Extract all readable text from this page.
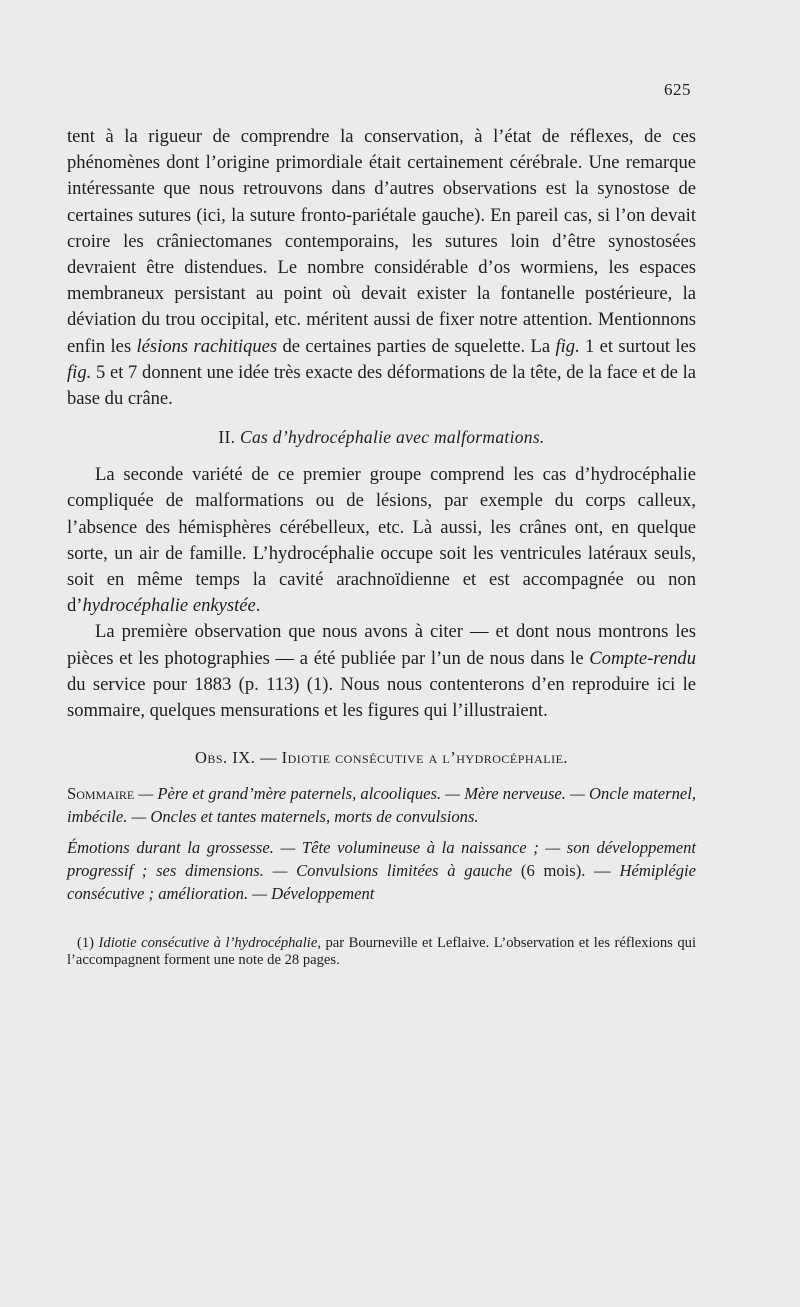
625

tent à la rigueur de comprendre la conservation, à l’état de réflexes, de ces phénomènes dont l’origine primordiale était certainement cérébrale. Une remarque intéressante que nous retrouvons dans d’autres observations est la synostose de certaines sutures (ici, la suture fronto-pariétale gauche). En pareil cas, si l’on devait croire les crâniectomanes contemporains, les sutures loin d’être synostosées devraient être distendues. Le nombre considérable d’os wormiens, les espaces membraneux persistant au point où devait exister la fontanelle postérieure, la déviation du trou occipital, etc. méritent aussi de fixer notre attention. Mentionnons enfin les lésions rachitiques de certaines parties de squelette. La fig. 1 et surtout les fig. 5 et 7 donnent une idée très exacte des déformations de la tête, de la face et de la base du crâne.

II. Cas d’hydrocéphalie avec malformations.

La seconde variété de ce premier groupe comprend les cas d’hydrocéphalie compliquée de malformations ou de lésions, par exemple du corps calleux, l’absence des hémisphères cérébelleux, etc. Là aussi, les crânes ont, en quelque sorte, un air de famille. L’hydrocéphalie occupe soit les ventricules latéraux seuls, soit en même temps la cavité arachnoïdienne et est accompagnée ou non d’hydrocéphalie enkystée.

La première observation que nous avons à citer — et dont nous montrons les pièces et les photographies — a été publiée par l’un de nous dans le Compte-rendu du service pour 1883 (p. 113) (1). Nous nous contenterons d’en reproduire ici le sommaire, quelques mensurations et les figures qui l’illustraient.

Obs. IX. — Idiotie consécutive a l’hydrocéphalie.

Sommaire — Père et grand’mère paternels, alcooliques. — Mère nerveuse. — Oncle maternel, imbécile. — Oncles et tantes maternels, morts de convulsions.

Émotions durant la grossesse. — Tête volumineuse à la naissance ; — son développement progressif ; ses dimensions. — Convulsions limitées à gauche (6 mois). — Hémiplégie consécutive ; amélioration. — Développement

(1) Idiotie consécutive à l’hydrocéphalie, par Bourneville et Leflaive. L’observation et les réflexions qui l’accompagnent forment une note de 28 pages.
